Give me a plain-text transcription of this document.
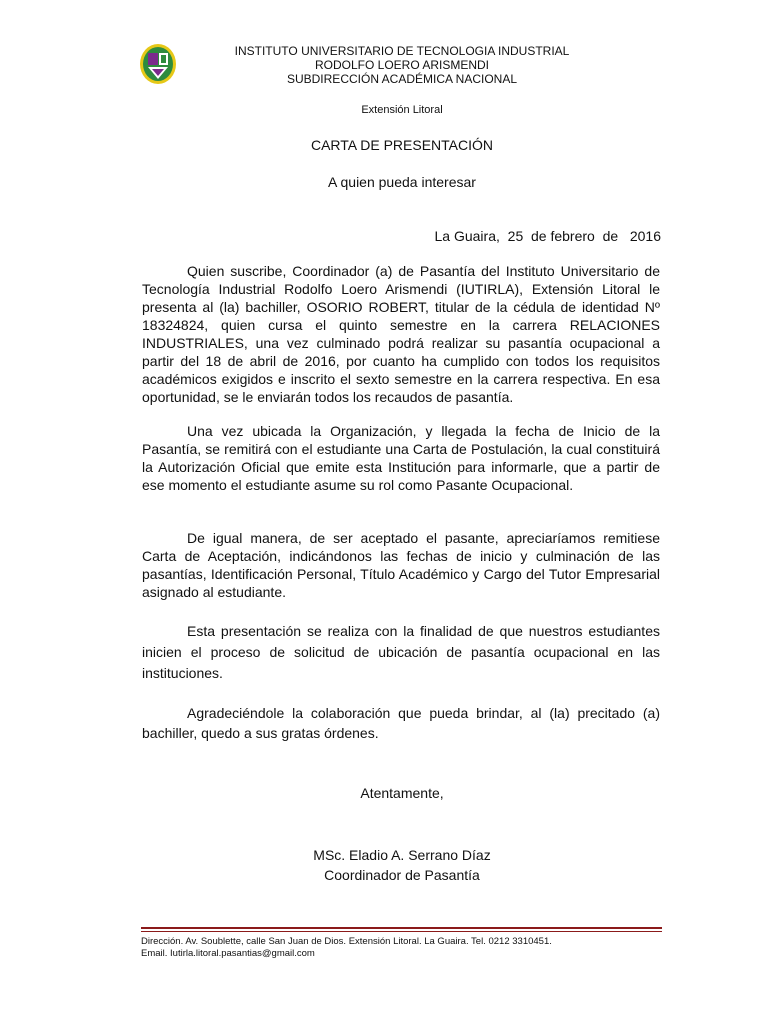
INSTITUTO UNIVERSITARIO DE TECNOLOGIA INDUSTRIAL
RODOLFO LOERO ARISMENDI
SUBDIRECCIÓN ACADÉMICA NACIONAL
Extensión Litoral
CARTA DE PRESENTACIÓN
A quien pueda interesar
La Guaira,  25  de febrero  de   2016

Quien suscribe, Coordinador (a) de Pasantía del Instituto Universitario de Tecnología Industrial Rodolfo Loero Arismendi (IUTIRLA), Extensión Litoral le presenta al (la) bachiller, OSORIO ROBERT, titular de la cédula de identidad Nº 18324824, quien cursa el quinto semestre en la carrera RELACIONES INDUSTRIALES, una vez culminado podrá realizar su pasantía ocupacional a partir del 18 de abril de 2016, por cuanto ha cumplido con todos los requisitos académicos exigidos e inscrito el sexto semestre en la carrera respectiva. En esa oportunidad, se le enviarán todos los recaudos de pasantía.

Una vez ubicada la Organización, y llegada la fecha de Inicio de la Pasantía, se remitirá con el estudiante una Carta de Postulación, la cual constituirá la Autorización Oficial que emite esta Institución para informarle, que a partir de ese momento el estudiante asume su rol como Pasante Ocupacional.

De igual manera, de ser aceptado el pasante, apreciaríamos remitiese Carta de Aceptación, indicándonos las fechas de inicio y culminación de las pasantías, Identificación Personal, Título Académico y Cargo del Tutor Empresarial asignado al estudiante.

Esta presentación se realiza con la finalidad de que nuestros estudiantes inicien el proceso de solicitud de ubicación de pasantía ocupacional en las instituciones.

Agradeciéndole la colaboración que pueda brindar, al (la) precitado (a) bachiller, quedo a sus gratas órdenes.

Atentamente,
MSc. Eladio A. Serrano Díaz
Coordinador de Pasantía
Dirección. Av. Soublette, calle San Juan de Dios. Extensión Litoral. La Guaira. Tel. 0212 3310451.
Email. Iutirla.litoral.pasantias@gmail.com
